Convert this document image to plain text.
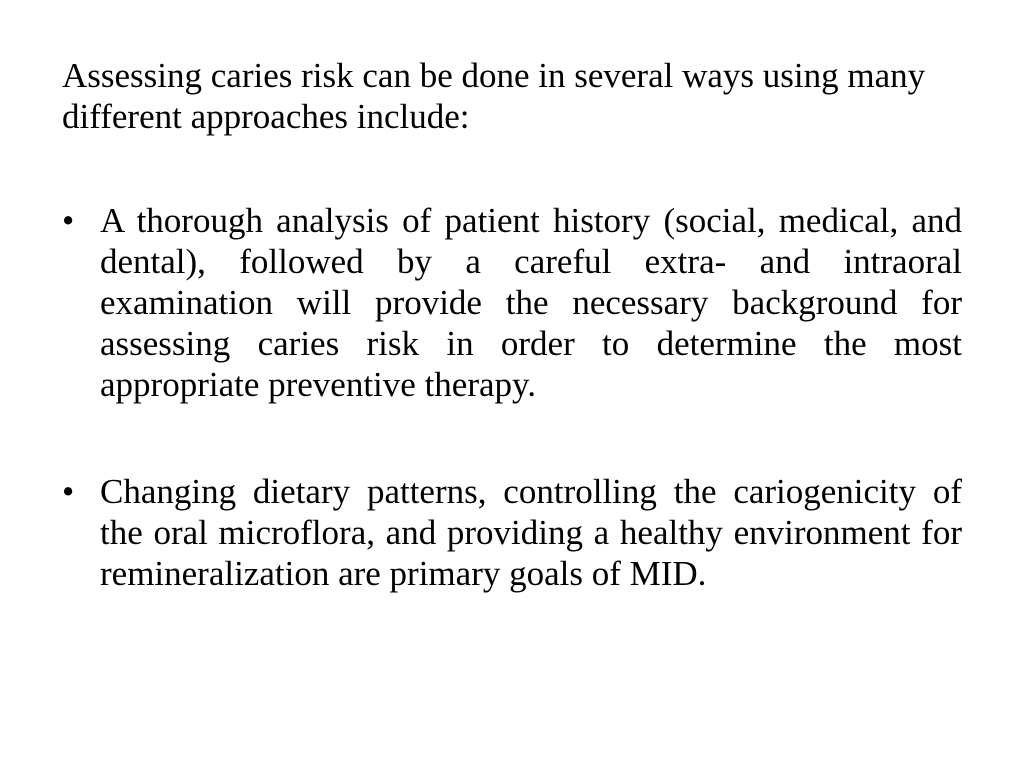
Assessing caries risk can be done in several ways using many different approaches include:

• A thorough analysis of patient history (social, medical, and dental), followed by a careful extra- and intraoral examination will provide the necessary background for assessing caries risk in order to determine the most appropriate preventive therapy.
• Changing dietary patterns, controlling the cariogenicity of the oral microflora, and providing a healthy environment for remineralization are primary goals of MID.
